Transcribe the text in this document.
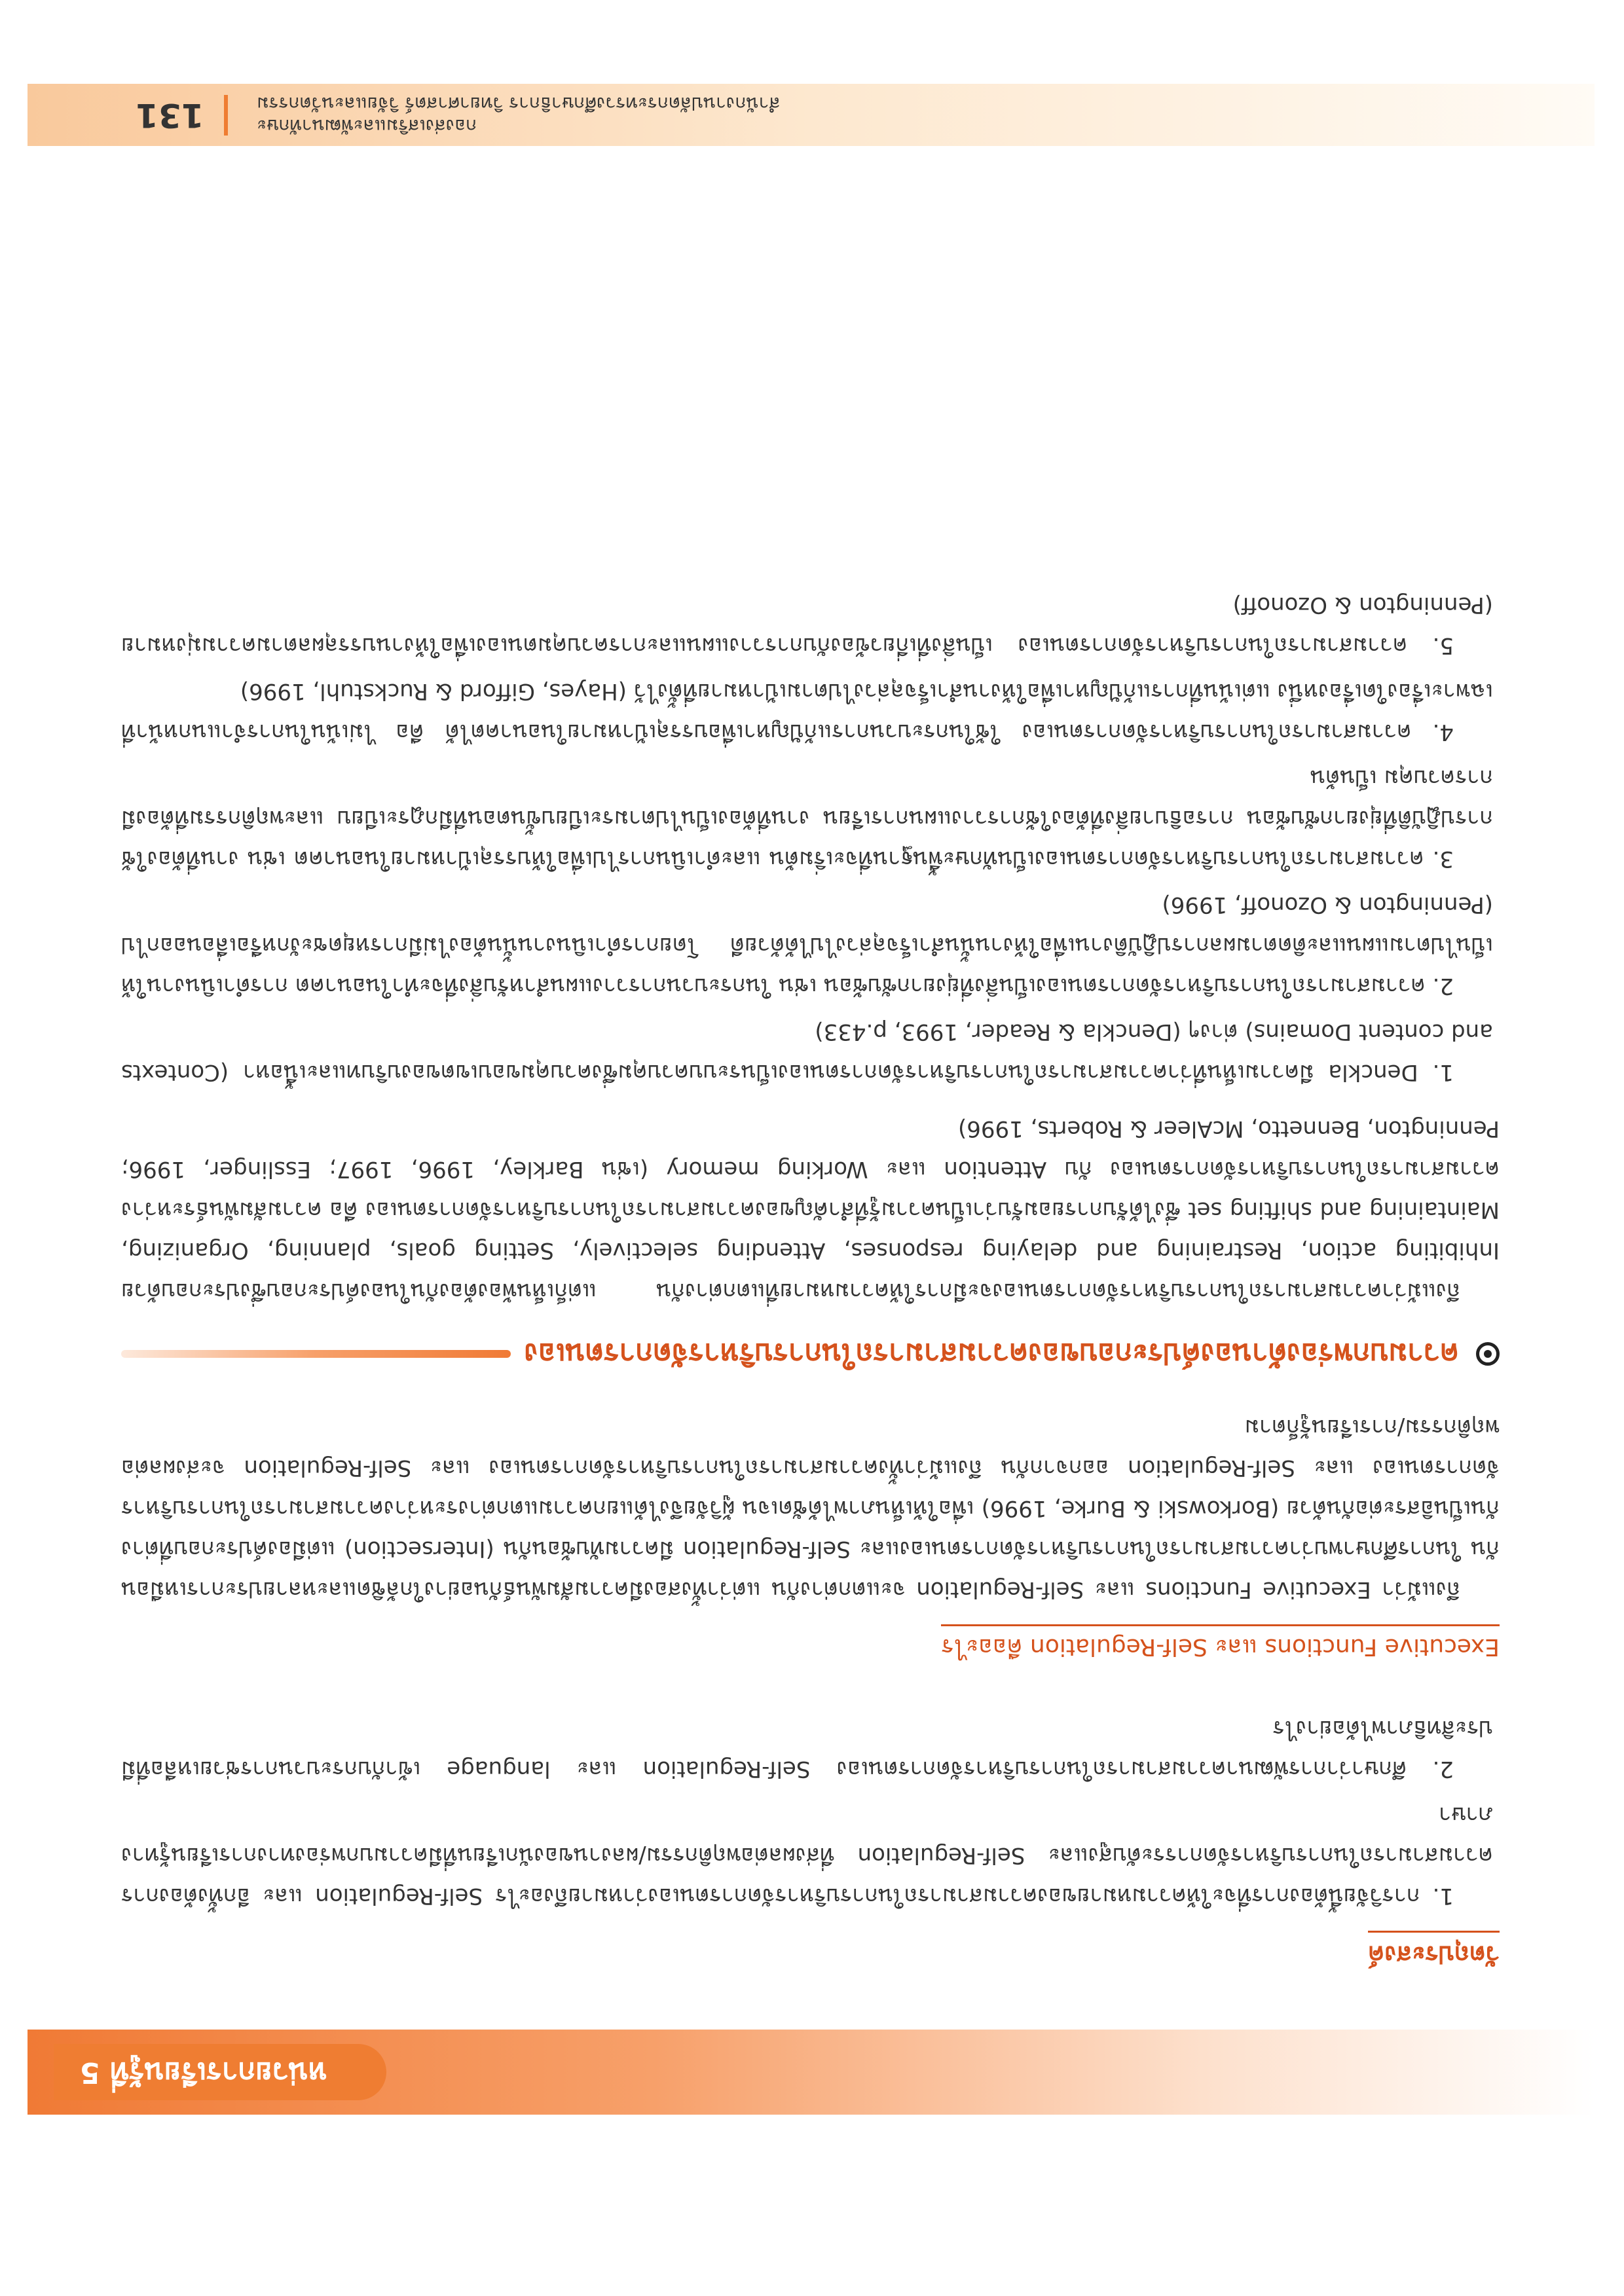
หน่วยการเรียนรู้ที่ 5
วัตถุประสงค์
1. การวิจัยนี้ต้องการที่จะให้ความหมายของความสามารถในการบริหารจัดการตนเองว่าหมายถึงอะไร Self-Regulation และ อีกทั้งต้องการความสามารถในการบริหารจัดการระดับสูงและ Self-Regulation ที่ส่งผลต่อพฤติกรรม/ผลงานของนักเรียนที่มีความบกพร่องทางการเรียนรู้ทางภาษา
2. ศึกษาว่าการพัฒนาความสามารถในการบริหารจัดการตนเอง Self-Regulation และ language เข้ากับกระบวนการช่วยเหลือที่มีประสิทธิภาพได้อย่างไร
Executive Functions และ Self-Regulation คืออะไร

ถึงแม้ว่า Executive Functions และ Self-Regulation จะแตกต่างกัน แต่ว่าทั้งสองมีความสัมพันธ์กันอย่างใกล้ชิดและหลายประการเหมือนกัน ในการศึกษาพบว่าความสามารถในการบริหารจัดการตนเองและ Self-Regulation มีความทับซ้อนกัน (Intersection) แต่มีองค์ประกอบที่ต่างกันเป็นอิสระต่อกันด้วย (Borkowski & Burke, 1996) เพื่อให้เห็นภาพได้ชัดเจน ผู้วิจัยจึงได้แยกความแตกต่างระหว่างความสามารถในการบริหารจัดการตนเอง และ Self-Regulation ออกจากกัน ถึงแม้ว่าทั้งความสามารถในการบริหารจัดการตนเอง และ Self-Regulation จะส่งผลต่อพฤติกรรม/การเรียนรู้ก็ตาม

ความบกพร่องด้านองค์ประกอบของความสามารถในการบริหารจัดการตนเอง

ถึงแม้ว่าความสามารถในการบริหารจัดการตนเองจะมีการให้ความหมายที่แตกต่างกัน แต่ก็เห็นพ้องต้องกันในองค์ประกอบซึ่งประกอบด้วย Inhibiting action, Restraining and delaying responses, Attending selectively, Setting goals, planning, Organizing, Maintaining and shifting set ซึ่งได้รับการยอมรับว่าเป็นความรู้ที่สำคัญของความสามารถในการบริหารจัดการตนเอง คือ ความสัมพันธ์ระหว่างความสามารถในการบริหารจัดการตนเอง กับ Attention และ Working memory (เช่น Barkley, 1996, 1997; Esslinger, 1996; Pennington, Bennetto, McAleer & Roberts, 1996)

1. Denckla มีความเห็นที่ว่าความสามารถในการบริหารจัดการตนเองเป็นระบบควบคุมซึ่งควบคุมขอบเขตของบริบทและเนื้อหา (Contexts and content Domains) ต่างๆ (Denckla & Reader, 1993, p.433)
2. ความสามารถในการบริหารจัดการตนเองเป็นสิ่งที่ยุ่งยากซับซ้อน เช่น ในกระบวนการวางแผนสำหรับสิ่งที่จะทำในอนาคต การดำเนินงานให้เป็นไปตามแผนและติดตามผลการปฏิบัติงานเพื่อให้งานนั้นสำเร็จลุล่วงไปได้ด้วยดี โดยการดำเนินงานนั้นต้องไม่มีการหยุดชะงักหรือเลื่อนออกไป (Pennington & Ozonoff, 1996)
3. ความสามารถในการบริหารจัดการตนเองเป็นทักษะพื้นฐานที่จะเริ่มต้น และดำเนินการไปเพื่อให้บรรลุเป้าหมายในอนาคต เช่น งานที่ต้องใช้การปฏิบัติที่ยุ่งยากซับซ้อน การอธิบายสิ่งที่ต้องใช้การวางแผนการเรียน งานที่ต้องเป็นไปตามระเบียบขั้นตอนที่มีกฎระเบียบ และพฤติกรรมที่ต้องมีการควบคุม เป็นต้น
4. ความสามารถในการบริหารจัดการตนเอง ใช้ในกระบวนการแก้ปัญหาเพื่อบรรลุเป้าหมายในอนาคตได้ คือ ไม่เน้นในการจำแนกหน้าที่เฉพาะเรื่องใดเรื่องหนึ่ง แต่เน้นที่การแก้ปัญหาเพื่อให้งานสำเร็จลุล่วงไปตามเป้าหมายที่ตั้งไว้ (Hayes, Gifford & Ruckstuhl, 1996)
5. ความสามารถในการบริหารจัดการตนเอง เป็นสิ่งที่เกี่ยวข้องกับการวางแผนและการควบคุมตนเองเพื่อให้งานบรรลุผลตามความมุ่งหมาย (Pennington & Ozonoff)
กองส่งเสริมและพัฒนาทักษะ
สำนักงานปลัดกระทรวงศึกษาธิการ วิทยาศาสตร์ วิจัยและนวัตกรรม
131
